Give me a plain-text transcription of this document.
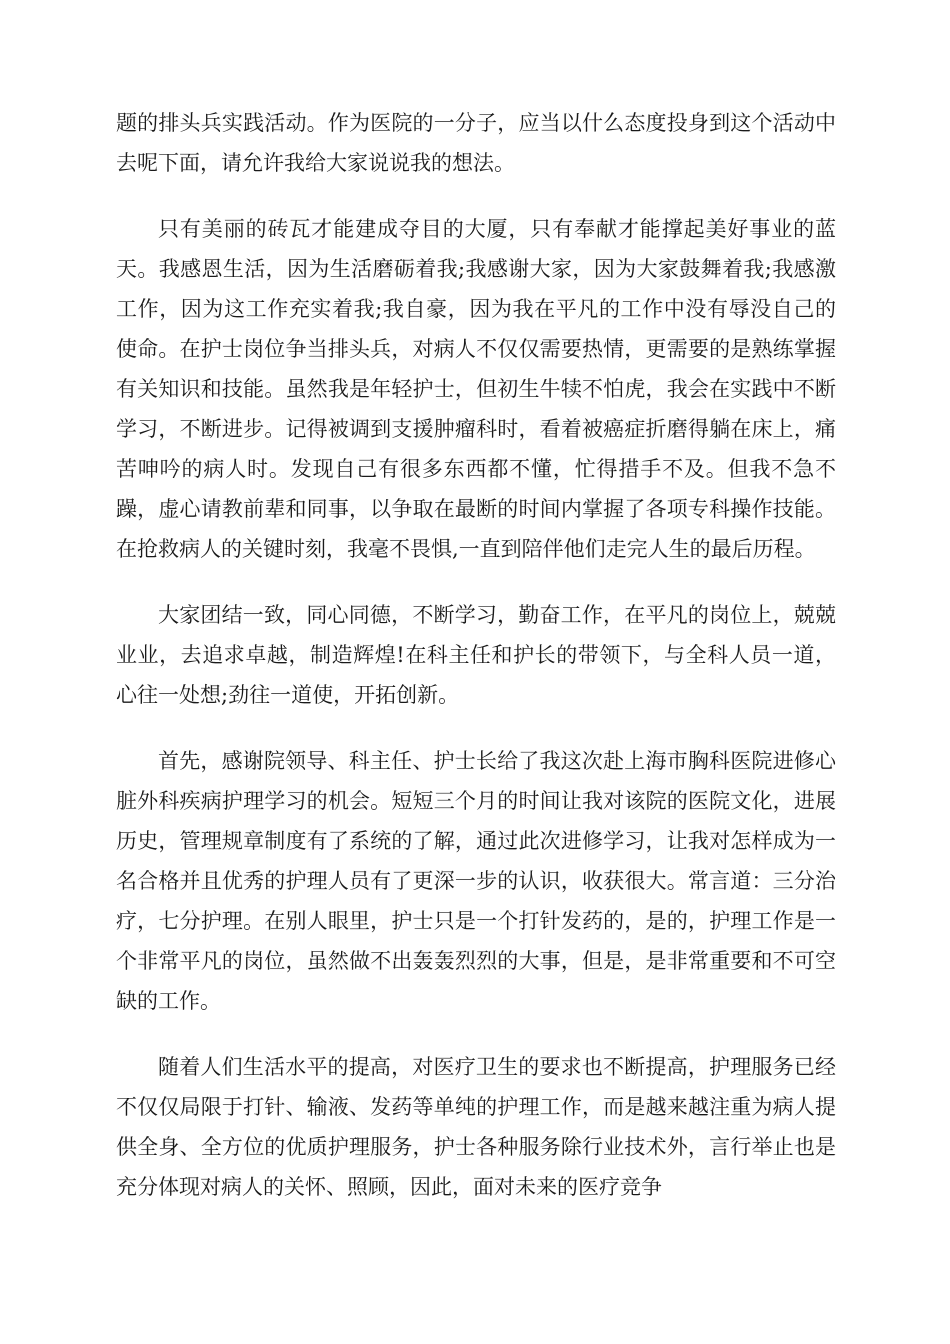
题的排头兵实践活动。作为医院的一分子，应当以什么态度投身到这个活动中去呢下面，请允许我给大家说说我的想法。

只有美丽的砖瓦才能建成夺目的大厦，只有奉献才能撑起美好事业的蓝天。我感恩生活，因为生活磨砺着我;我感谢大家，因为大家鼓舞着我;我感激工作，因为这工作充实着我;我自豪，因为我在平凡的工作中没有辱没自己的使命。在护士岗位争当排头兵，对病人不仅仅需要热情，更需要的是熟练掌握有关知识和技能。虽然我是年轻护士，但初生牛犊不怕虎，我会在实践中不断学习，不断进步。记得被调到支援肿瘤科时，看着被癌症折磨得躺在床上，痛苦呻吟的病人时。发现自己有很多东西都不懂，忙得措手不及。但我不急不躁，虚心请教前辈和同事，以争取在最断的时间内掌握了各项专科操作技能。在抢救病人的关键时刻，我毫不畏惧,一直到陪伴他们走完人生的最后历程。

大家团结一致，同心同德，不断学习，勤奋工作，在平凡的岗位上，兢兢业业，去追求卓越，制造辉煌!在科主任和护长的带领下，与全科人员一道，心往一处想;劲往一道使，开拓创新。

首先，感谢院领导、科主任、护士长给了我这次赴上海市胸科医院进修心脏外科疾病护理学习的机会。短短三个月的时间让我对该院的医院文化，进展历史，管理规章制度有了系统的了解，通过此次进修学习，让我对怎样成为一名合格并且优秀的护理人员有了更深一步的认识，收获很大。常言道：三分治疗，七分护理。在别人眼里，护士只是一个打针发药的，是的，护理工作是一个非常平凡的岗位，虽然做不出轰轰烈烈的大事，但是，是非常重要和不可空缺的工作。

随着人们生活水平的提高，对医疗卫生的要求也不断提高，护理服务已经不仅仅局限于打针、输液、发药等单纯的护理工作，而是越来越注重为病人提供全身、全方位的优质护理服务，护士各种服务除行业技术外，言行举止也是充分体现对病人的关怀、照顾，因此，面对未来的医疗竞争
